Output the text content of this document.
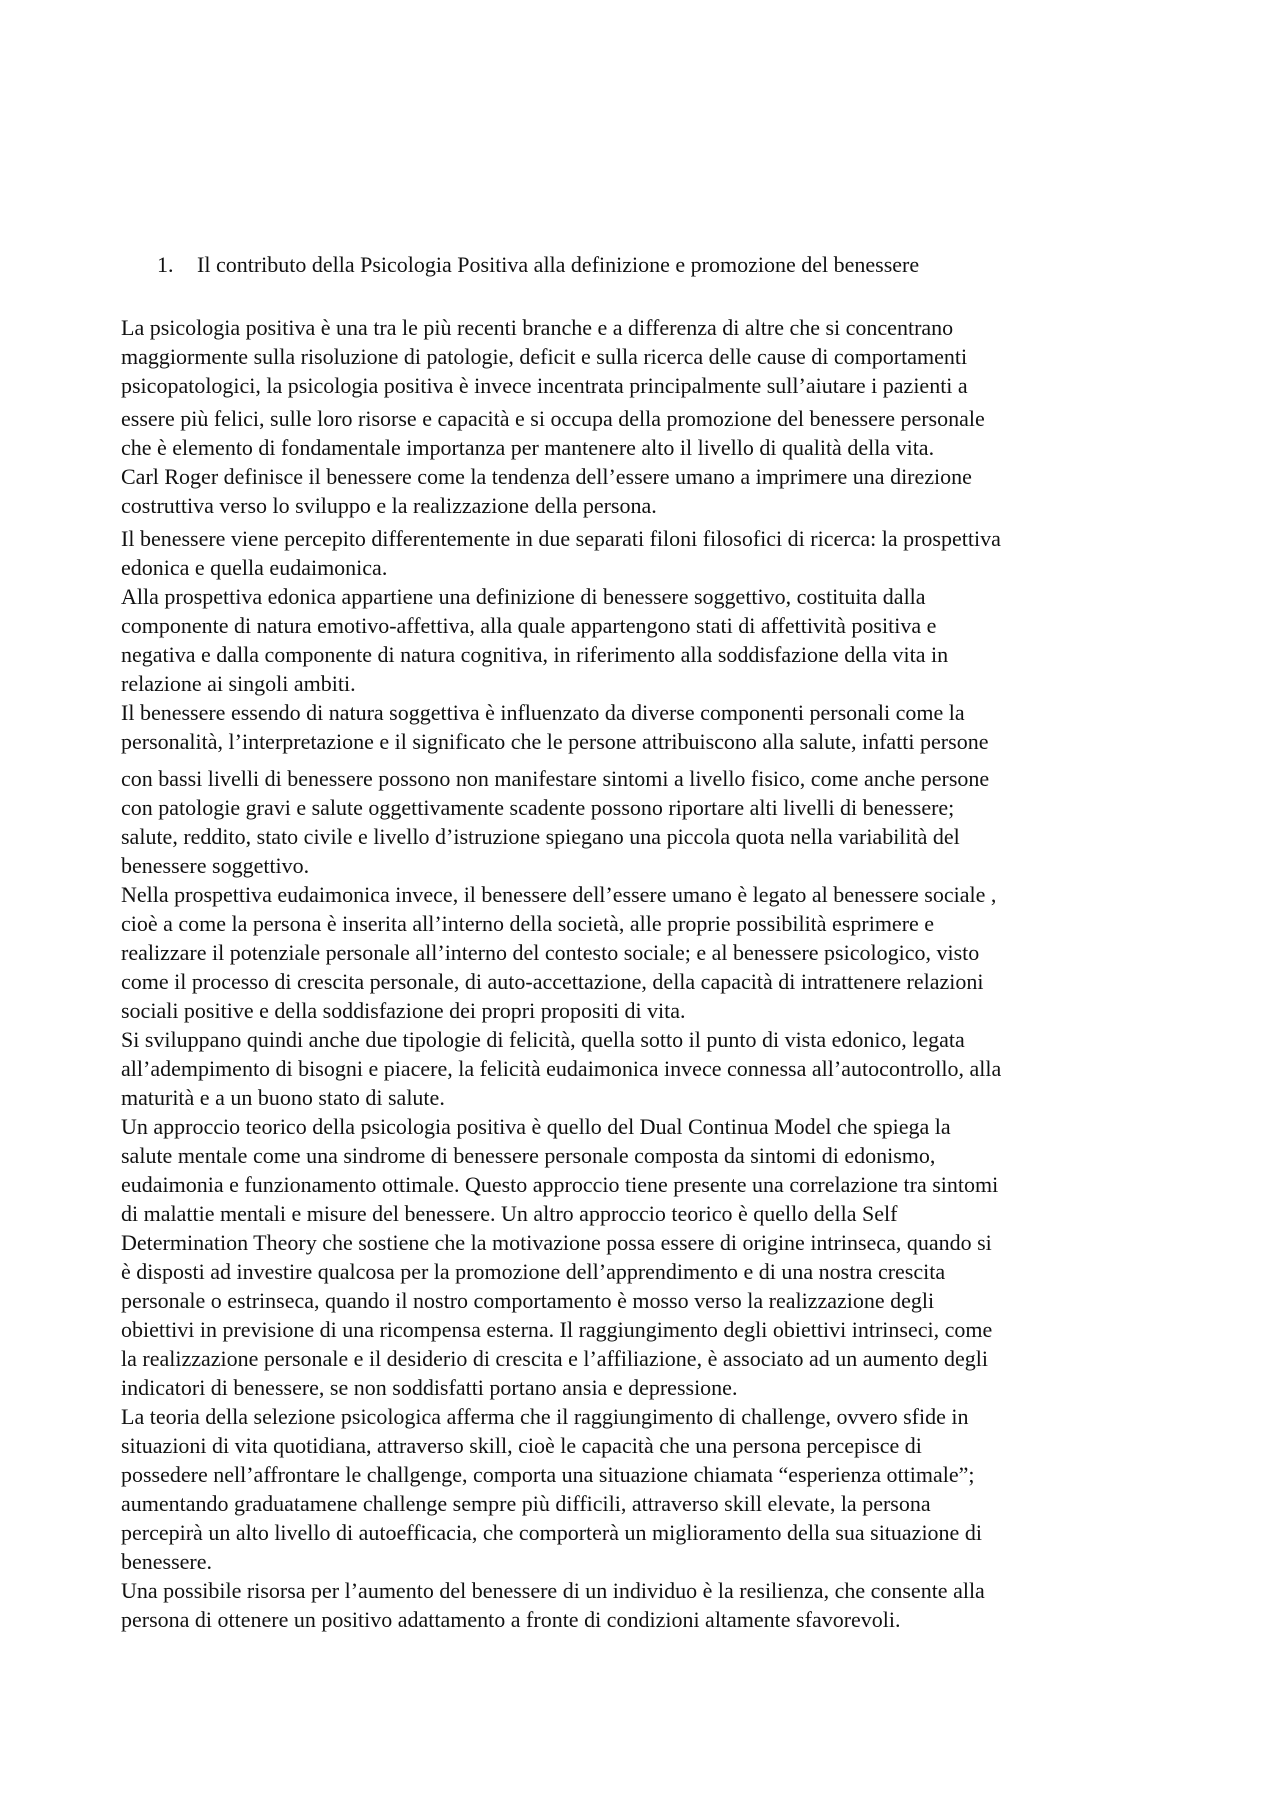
1. Il contributo della Psicologia Positiva alla definizione e promozione del benessere
La psicologia positiva è una tra le più recenti branche e a differenza di altre che si concentrano
maggiormente sulla risoluzione di patologie, deficit e sulla ricerca delle cause di comportamenti
psicopatologici, la psicologia positiva è invece incentrata principalmente sull’aiutare i pazienti a
essere più felici, sulle loro risorse e capacità e si occupa della promozione del benessere personale
che è elemento di fondamentale importanza per mantenere alto il livello di qualità della vita.
Carl Roger definisce il benessere come la tendenza dell’essere umano a imprimere una direzione
costruttiva verso lo sviluppo e la realizzazione della persona.
Il benessere viene percepito differentemente in due separati filoni filosofici di ricerca: la prospettiva
edonica e quella eudaimonica.
Alla prospettiva edonica appartiene una definizione di benessere soggettivo, costituita dalla
componente di natura emotivo-affettiva, alla quale appartengono stati di affettività positiva e
negativa e dalla componente di natura cognitiva, in riferimento alla soddisfazione della vita in
relazione ai singoli ambiti.
Il benessere essendo di natura soggettiva è influenzato da diverse componenti personali come la
personalità, l’interpretazione e il significato che le persone attribuiscono alla salute, infatti persone
con bassi livelli di benessere possono non manifestare sintomi a livello fisico, come anche persone
con patologie gravi e salute oggettivamente scadente possono riportare alti livelli di benessere;
salute, reddito, stato civile e livello d’istruzione spiegano una piccola quota nella variabilità del
benessere soggettivo.
Nella prospettiva eudaimonica invece, il benessere dell’essere umano è legato al benessere sociale ,
cioè a come la persona è inserita all’interno della società, alle proprie possibilità esprimere e
realizzare il potenziale personale all’interno del contesto sociale; e al benessere psicologico, visto
come il processo di crescita personale, di auto-accettazione, della capacità di intrattenere relazioni
sociali positive e della soddisfazione dei propri propositi di vita.
Si sviluppano quindi anche due tipologie di felicità, quella sotto il punto di vista edonico, legata
all’adempimento di bisogni e piacere, la felicità eudaimonica invece connessa all’autocontrollo, alla
maturità e a un buono stato di salute.
Un approccio teorico della psicologia positiva è quello del Dual Continua Model che spiega la
salute mentale come una sindrome di benessere personale composta da sintomi di edonismo,
eudaimonia e funzionamento ottimale. Questo approccio tiene presente una correlazione tra sintomi
di malattie mentali e misure del benessere. Un altro approccio teorico è quello della Self
Determination Theory che sostiene che la motivazione possa essere di origine intrinseca, quando si
è disposti ad investire qualcosa per la promozione dell’apprendimento e di una nostra crescita
personale o estrinseca, quando il nostro comportamento è mosso verso la realizzazione degli
obiettivi in previsione di una ricompensa esterna. Il raggiungimento degli obiettivi intrinseci, come
la realizzazione personale e il desiderio di crescita e l’affiliazione, è associato ad un aumento degli
indicatori di benessere, se non soddisfatti portano ansia e depressione.
La teoria della selezione psicologica afferma che il raggiungimento di challenge, ovvero sfide in
situazioni di vita quotidiana, attraverso skill, cioè le capacità che una persona percepisce di
possedere nell’affrontare le challgenge, comporta una situazione chiamata “esperienza ottimale”;
aumentando graduatamene challenge sempre più difficili, attraverso skill elevate, la persona
percepirà un alto livello di autoefficacia, che comporterà un miglioramento della sua situazione di
benessere.
Una possibile risorsa per l’aumento del benessere di un individuo è la resilienza, che consente alla
persona di ottenere un positivo adattamento a fronte di condizioni altamente sfavorevoli.
